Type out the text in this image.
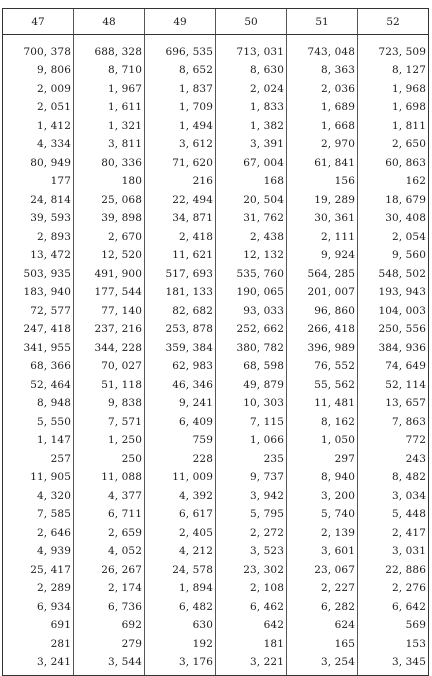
47	48	49	50	51	52
700, 378	688, 328	696, 535	713, 031	743, 048	723, 509
9, 806	8, 710	8, 652	8, 630	8, 363	8, 127
2, 009	1, 967	1, 837	2, 024	2, 036	1, 968
2, 051	1, 611	1, 709	1, 833	1, 689	1, 698
1, 412	1, 321	1, 494	1, 382	1, 668	1, 811
4, 334	3, 811	3, 612	3, 391	2, 970	2, 650
80, 949	80, 336	71, 620	67, 004	61, 841	60, 863
177	180	216	168	156	162
24, 814	25, 068	22, 494	20, 504	19, 289	18, 679
39, 593	39, 898	34, 871	31, 762	30, 361	30, 408
2, 893	2, 670	2, 418	2, 438	2, 111	2, 054
13, 472	12, 520	11, 621	12, 132	9, 924	9, 560
503, 935	491, 900	517, 693	535, 760	564, 285	548, 502
183, 940	177, 544	181, 133	190, 065	201, 007	193, 943
72, 577	77, 140	82, 682	93, 033	96, 860	104, 003
247, 418	237, 216	253, 878	252, 662	266, 418	250, 556
341, 955	344, 228	359, 384	380, 782	396, 989	384, 936
68, 366	70, 027	62, 983	68, 598	76, 552	74, 649
52, 464	51, 118	46, 346	49, 879	55, 562	52, 114
8, 948	9, 838	9, 241	10, 303	11, 481	13, 657
5, 550	7, 571	6, 409	7, 115	8, 162	7, 863
1, 147	1, 250	759	1, 066	1, 050	772
257	250	228	235	297	243
11, 905	11, 088	11, 009	9, 737	8, 940	8, 482
4, 320	4, 377	4, 392	3, 942	3, 200	3, 034
7, 585	6, 711	6, 617	5, 795	5, 740	5, 448
2, 646	2, 659	2, 405	2, 272	2, 139	2, 417
4, 939	4, 052	4, 212	3, 523	3, 601	3, 031
25, 417	26, 267	24, 578	23, 302	23, 067	22, 886
2, 289	2, 174	1, 894	2, 108	2, 227	2, 276
6, 934	6, 736	6, 482	6, 462	6, 282	6, 642
691	692	630	642	624	569
281	279	192	181	165	153
3, 241	3, 544	3, 176	3, 221	3, 254	3, 345
